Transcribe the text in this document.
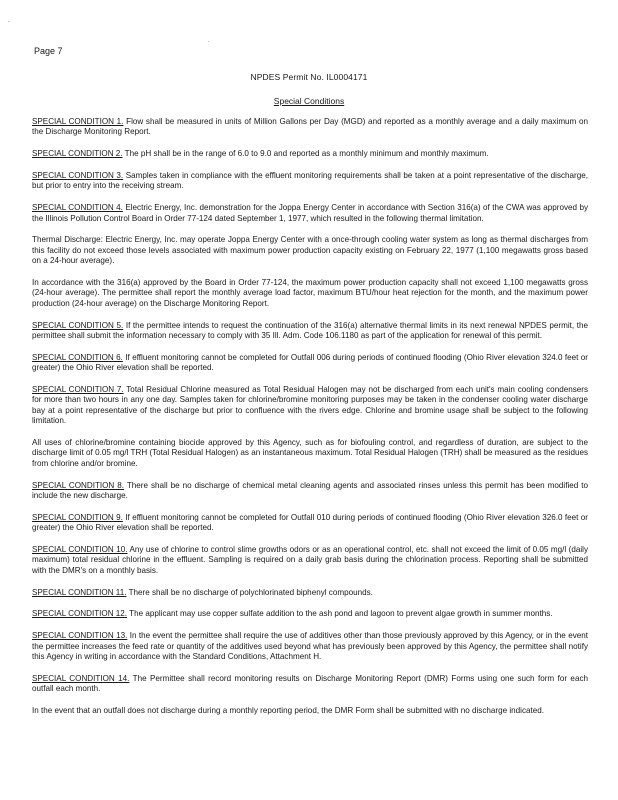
.
.
Page 7
NPDES Permit No. IL0004171
Special Conditions

SPECIAL CONDITION 1. Flow shall be measured in units of Million Gallons per Day (MGD) and reported as a monthly average and a daily maximum on the Discharge Monitoring Report.

SPECIAL CONDITION 2. The pH shall be in the range of 6.0 to 9.0 and reported as a monthly minimum and monthly maximum.

SPECIAL CONDITION 3. Samples taken in compliance with the effluent monitoring requirements shall be taken at a point representative of the discharge, but prior to entry into the receiving stream.

SPECIAL CONDITION 4. Electric Energy, Inc. demonstration for the Joppa Energy Center in accordance with Section 316(a) of the CWA was approved by the Illinois Pollution Control Board in Order 77-124 dated September 1, 1977, which resulted in the following thermal limitation.

Thermal Discharge: Electric Energy, Inc. may operate Joppa Energy Center with a once-through cooling water system as long as thermal discharges from this facility do not exceed those levels associated with maximum power production capacity existing on February 22, 1977 (1,100 megawatts gross based on a 24-hour average).

In accordance with the 316(a) approved by the Board in Order 77-124, the maximum power production capacity shall not exceed 1,100 megawatts gross (24-hour average). The permittee shall report the monthly average load factor, maximum BTU/hour heat rejection for the month, and the maximum power production (24-hour average) on the Discharge Monitoring Report.

SPECIAL CONDITION 5. If the permittee intends to request the continuation of the 316(a) alternative thermal limits in its next renewal NPDES permit, the permittee shall submit the information necessary to comply with 35 Ill. Adm. Code 106.1180 as part of the application for renewal of this permit.

SPECIAL CONDITION 6. If effluent monitoring cannot be completed for Outfall 006 during periods of continued flooding (Ohio River elevation 324.0 feet or greater) the Ohio River elevation shall be reported.

SPECIAL CONDITION 7. Total Residual Chlorine measured as Total Residual Halogen may not be discharged from each unit's main cooling condensers for more than two hours in any one day. Samples taken for chlorine/bromine monitoring purposes may be taken in the condenser cooling water discharge bay at a point representative of the discharge but prior to confluence with the rivers edge. Chlorine and bromine usage shall be subject to the following limitation.

All uses of chlorine/bromine containing biocide approved by this Agency, such as for biofouling control, and regardless of duration, are subject to the discharge limit of 0.05 mg/l TRH (Total Residual Halogen) as an instantaneous maximum. Total Residual Halogen (TRH) shall be measured as the residues from chlorine and/or bromine.

SPECIAL CONDITION 8. There shall be no discharge of chemical metal cleaning agents and associated rinses unless this permit has been modified to include the new discharge.

SPECIAL CONDITION 9. If effluent monitoring cannot be completed for Outfall 010 during periods of continued flooding (Ohio River elevation 326.0 feet or greater) the Ohio River elevation shall be reported.

SPECIAL CONDITION 10. Any use of chlorine to control slime growths odors or as an operational control, etc. shall not exceed the limit of 0.05 mg/l (daily maximum) total residual chlorine in the effluent. Sampling is required on a daily grab basis during the chlorination process. Reporting shall be submitted with the DMR's on a monthly basis.

SPECIAL CONDITION 11. There shall be no discharge of polychlorinated biphenyl compounds.

SPECIAL CONDITION 12. The applicant may use copper sulfate addition to the ash pond and lagoon to prevent algae growth in summer months.

SPECIAL CONDITION 13. In the event the permittee shall require the use of additives other than those previously approved by this Agency, or in the event the permittee increases the feed rate or quantity of the additives used beyond what has previously been approved by this Agency, the permittee shall notify this Agency in writing in accordance with the Standard Conditions, Attachment H.

SPECIAL CONDITION 14. The Permittee shall record monitoring results on Discharge Monitoring Report (DMR) Forms using one such form for each outfall each month.

In the event that an outfall does not discharge during a monthly reporting period, the DMR Form shall be submitted with no discharge indicated.
